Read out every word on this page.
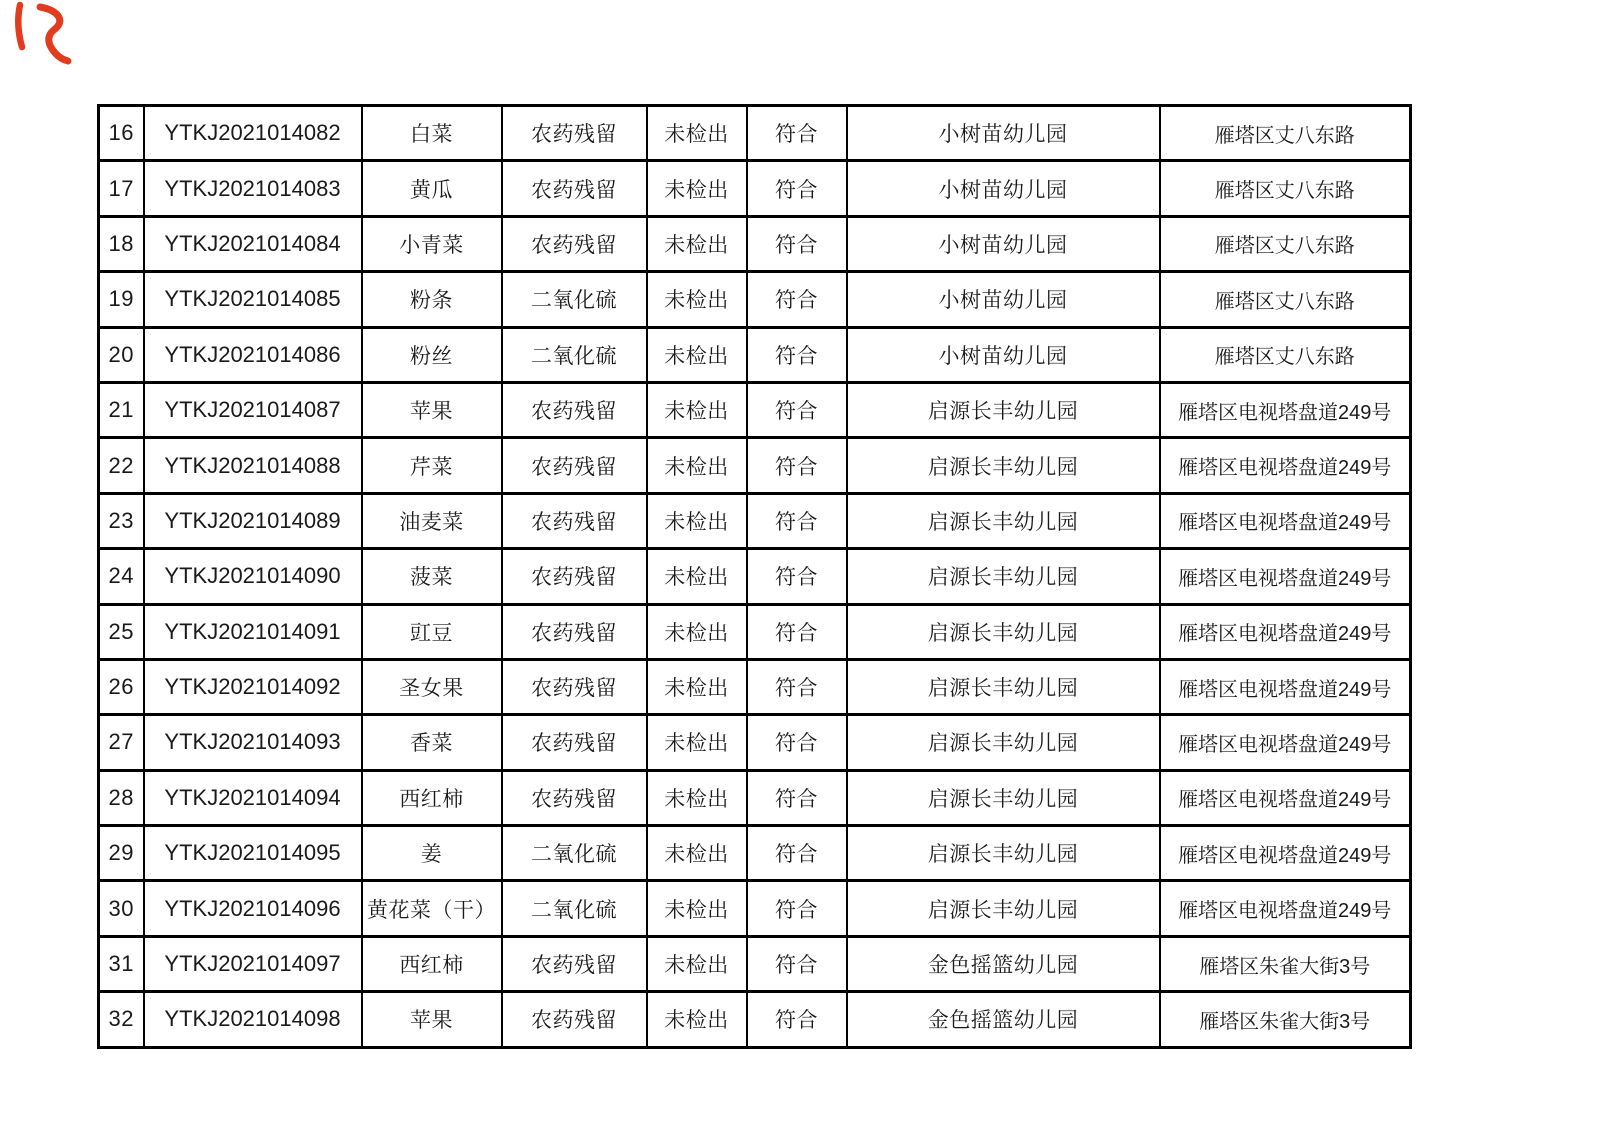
16	YTKJ2021014082	白菜	农药残留	未检出	符合	小树苗幼儿园	雁塔区丈八东路
17	YTKJ2021014083	黄瓜	农药残留	未检出	符合	小树苗幼儿园	雁塔区丈八东路
18	YTKJ2021014084	小青菜	农药残留	未检出	符合	小树苗幼儿园	雁塔区丈八东路
19	YTKJ2021014085	粉条	二氧化硫	未检出	符合	小树苗幼儿园	雁塔区丈八东路
20	YTKJ2021014086	粉丝	二氧化硫	未检出	符合	小树苗幼儿园	雁塔区丈八东路
21	YTKJ2021014087	苹果	农药残留	未检出	符合	启源长丰幼儿园	雁塔区电视塔盘道249号
22	YTKJ2021014088	芹菜	农药残留	未检出	符合	启源长丰幼儿园	雁塔区电视塔盘道249号
23	YTKJ2021014089	油麦菜	农药残留	未检出	符合	启源长丰幼儿园	雁塔区电视塔盘道249号
24	YTKJ2021014090	菠菜	农药残留	未检出	符合	启源长丰幼儿园	雁塔区电视塔盘道249号
25	YTKJ2021014091	豇豆	农药残留	未检出	符合	启源长丰幼儿园	雁塔区电视塔盘道249号
26	YTKJ2021014092	圣女果	农药残留	未检出	符合	启源长丰幼儿园	雁塔区电视塔盘道249号
27	YTKJ2021014093	香菜	农药残留	未检出	符合	启源长丰幼儿园	雁塔区电视塔盘道249号
28	YTKJ2021014094	西红柿	农药残留	未检出	符合	启源长丰幼儿园	雁塔区电视塔盘道249号
29	YTKJ2021014095	姜	二氧化硫	未检出	符合	启源长丰幼儿园	雁塔区电视塔盘道249号
30	YTKJ2021014096	黄花菜（干）	二氧化硫	未检出	符合	启源长丰幼儿园	雁塔区电视塔盘道249号
31	YTKJ2021014097	西红柿	农药残留	未检出	符合	金色摇篮幼儿园	雁塔区朱雀大街3号
32	YTKJ2021014098	苹果	农药残留	未检出	符合	金色摇篮幼儿园	雁塔区朱雀大街3号
